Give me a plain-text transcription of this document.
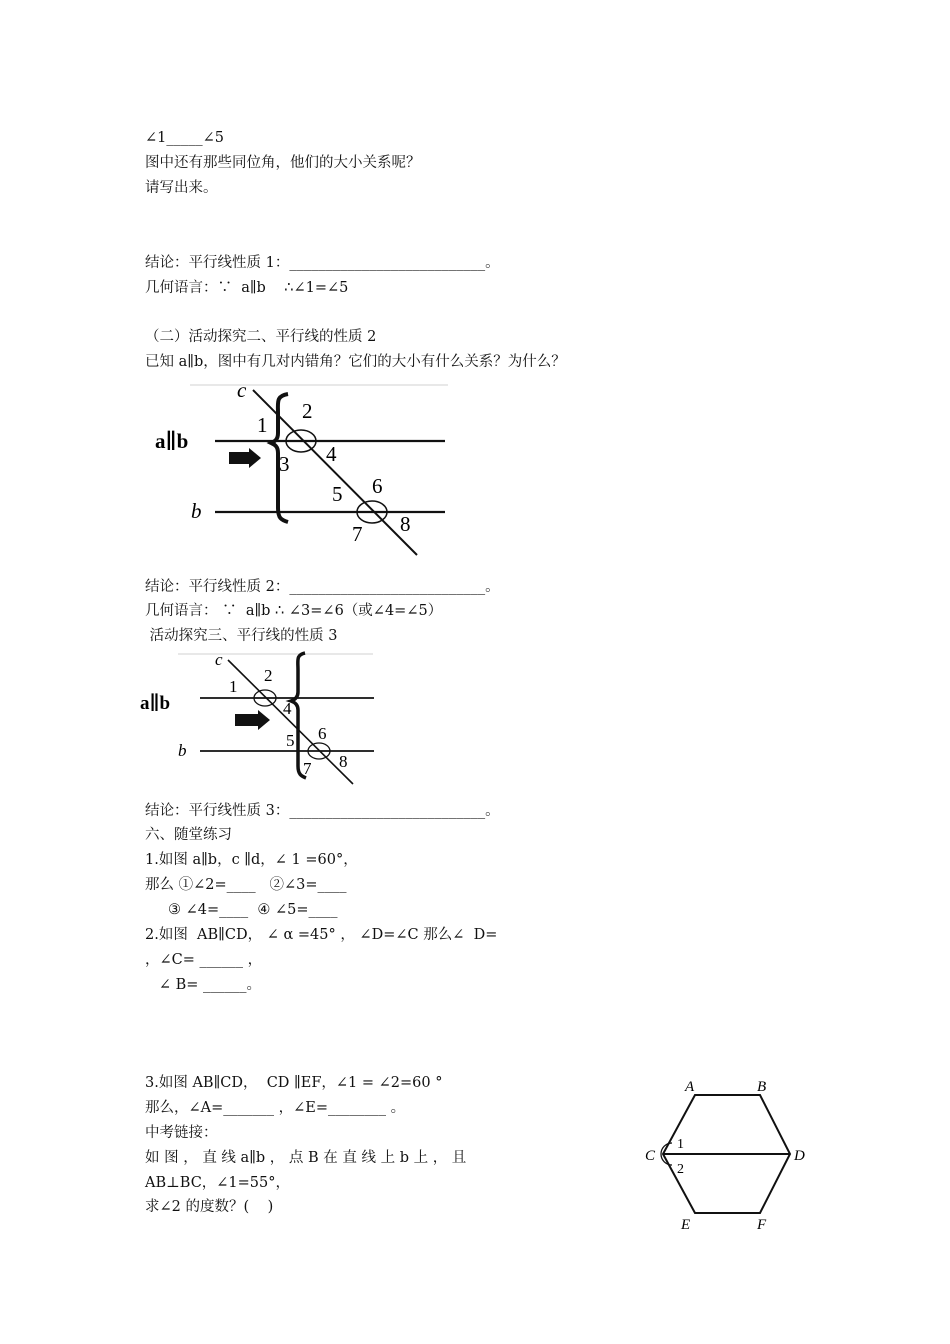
∠1_____∠5
图中还有那些同位角，他们的大小关系呢？
请写出来。
结论：平行线性质 1：___________________________。
几何语言：∵  a∥b    ∴∠1=∠5
（二）活动探究二、平行线的性质 2
已知 a∥b，图中有几对内错角？它们的大小有什么关系？为什么？
a∥b
c
b
1
2
3 4
5 6
7 8
结论：平行线性质 2：___________________________。
几何语言： ∵  a∥b ∴ ∠3=∠6（或∠4=∠5）
活动探究三、平行线的性质 3
a∥b
c
b
1
2
4
5 6
7 8
结论：平行线性质 3：___________________________。
六、随堂练习
1.如图 a∥b，c ∥d，∠ 1 =60°，
那么 ①∠2=____   ②∠3=____
③ ∠4=____  ④ ∠5=____
2.如图  AB∥CD， ∠ α =45° ， ∠D=∠C 那么∠  D=
，∠C= ______ ，
∠ B= ______。
3.如图 AB∥CD，  CD ∥EF，∠1 = ∠2=60 °
那么，∠A=_______ ，∠E=________ 。
中考链接：
如 图 ， 直 线 a∥b ， 点 B 在 直 线 上 b 上 ， 且
AB⊥BC，∠1=55°，
求∠2 的度数？(    )
A	B
C	D
E	F
1
2
